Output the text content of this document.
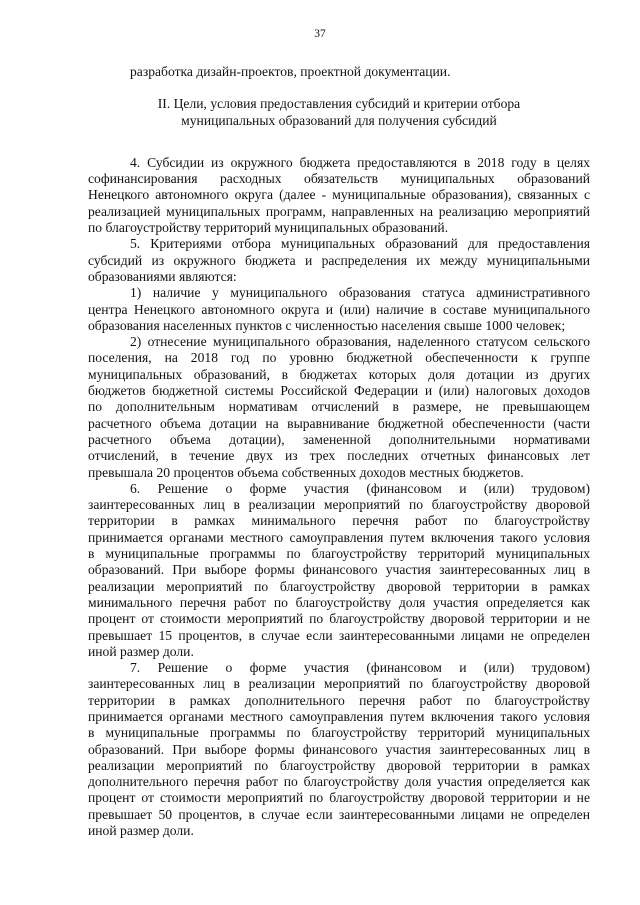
37
разработка дизайн-проектов, проектной документации.
II. Цели, условия предоставления субсидий и критерии отбора
муниципальных образований для получения субсидий
4. Субсидии из окружного бюджета предоставляются в 2018 году в целях
софинансирования расходных обязательств муниципальных образований
Ненецкого автономного округа (далее - муниципальные образования), связанных с
реализацией муниципальных программ, направленных на реализацию мероприятий
по благоустройству территорий муниципальных образований.
5. Критериями отбора муниципальных образований для предоставления
субсидий из окружного бюджета и распределения их между муниципальными
образованиями являются:
1) наличие у муниципального образования статуса административного
центра Ненецкого автономного округа и (или) наличие в составе муниципального
образования населенных пунктов с численностью населения свыше 1000 человек;
2) отнесение муниципального образования, наделенного статусом сельского
поселения, на 2018 год по уровню бюджетной обеспеченности к группе
муниципальных образований, в бюджетах которых доля дотации из других
бюджетов бюджетной системы Российской Федерации и (или) налоговых доходов
по дополнительным нормативам отчислений в размере, не превышающем
расчетного объема дотации на выравнивание бюджетной обеспеченности (части
расчетного объема дотации), замененной дополнительными нормативами
отчислений, в течение двух из трех последних отчетных финансовых лет
превышала 20 процентов объема собственных доходов местных бюджетов.
6. Решение о форме участия (финансовом и (или) трудовом)
заинтересованных лиц в реализации мероприятий по благоустройству дворовой
территории в рамках минимального перечня работ по благоустройству
принимается органами местного самоуправления путем включения такого условия
в муниципальные программы по благоустройству территорий муниципальных
образований. При выборе формы финансового участия заинтересованных лиц в
реализации мероприятий по благоустройству дворовой территории в рамках
минимального перечня работ по благоустройству доля участия определяется как
процент от стоимости мероприятий по благоустройству дворовой территории и не
превышает 15 процентов, в случае если заинтересованными лицами не определен
иной размер доли.
7. Решение о форме участия (финансовом и (или) трудовом)
заинтересованных лиц в реализации мероприятий по благоустройству дворовой
территории в рамках дополнительного перечня работ по благоустройству
принимается органами местного самоуправления путем включения такого условия
в муниципальные программы по благоустройству территорий муниципальных
образований. При выборе формы финансового участия заинтересованных лиц в
реализации мероприятий по благоустройству дворовой территории в рамках
дополнительного перечня работ по благоустройству доля участия определяется как
процент от стоимости мероприятий по благоустройству дворовой территории и не
превышает 50 процентов, в случае если заинтересованными лицами не определен
иной размер доли.
